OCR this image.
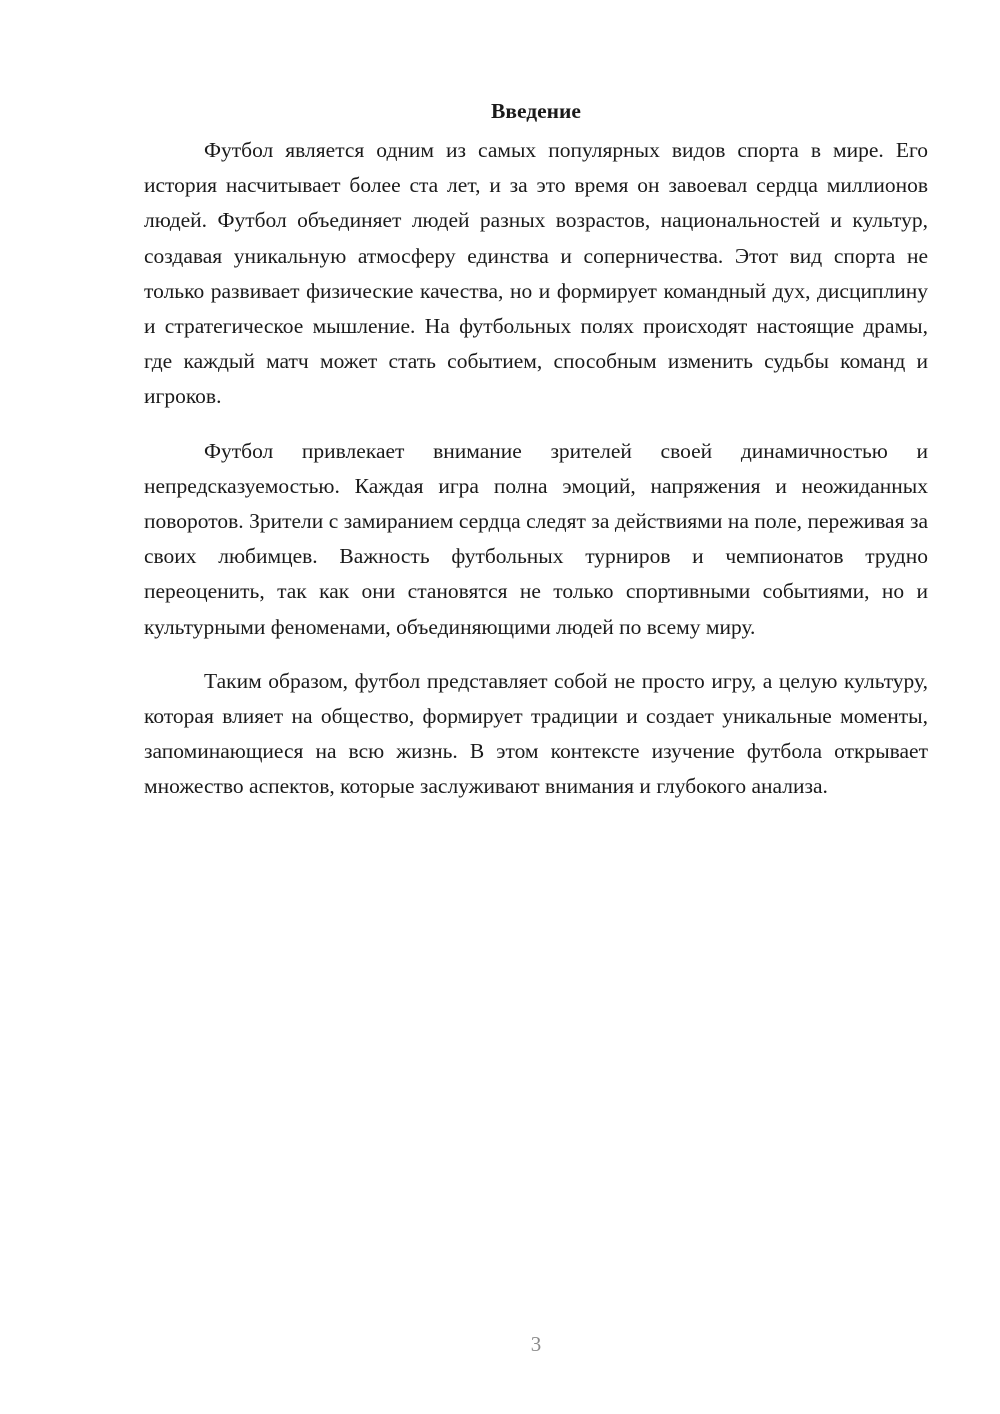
Введение

Футбол является одним из самых популярных видов спорта в мире. Его история насчитывает более ста лет, и за это время он завоевал сердца миллионов людей. Футбол объединяет людей разных возрастов, национальностей и культур, создавая уникальную атмосферу единства и соперничества. Этот вид спорта не только развивает физические качества, но и формирует командный дух, дисциплину и стратегическое мышление. На футбольных полях происходят настоящие драмы, где каждый матч может стать событием, способным изменить судьбы команд и игроков.

Футбол привлекает внимание зрителей своей динамичностью и непредсказуемостью. Каждая игра полна эмоций, напряжения и неожиданных поворотов. Зрители с замиранием сердца следят за действиями на поле, переживая за своих любимцев. Важность футбольных турниров и чемпионатов трудно переоценить, так как они становятся не только спортивными событиями, но и культурными феноменами, объединяющими людей по всему миру.

Таким образом, футбол представляет собой не просто игру, а целую культуру, которая влияет на общество, формирует традиции и создает уникальные моменты, запоминающиеся на всю жизнь. В этом контексте изучение футбола открывает множество аспектов, которые заслуживают внимания и глубокого анализа.

3
